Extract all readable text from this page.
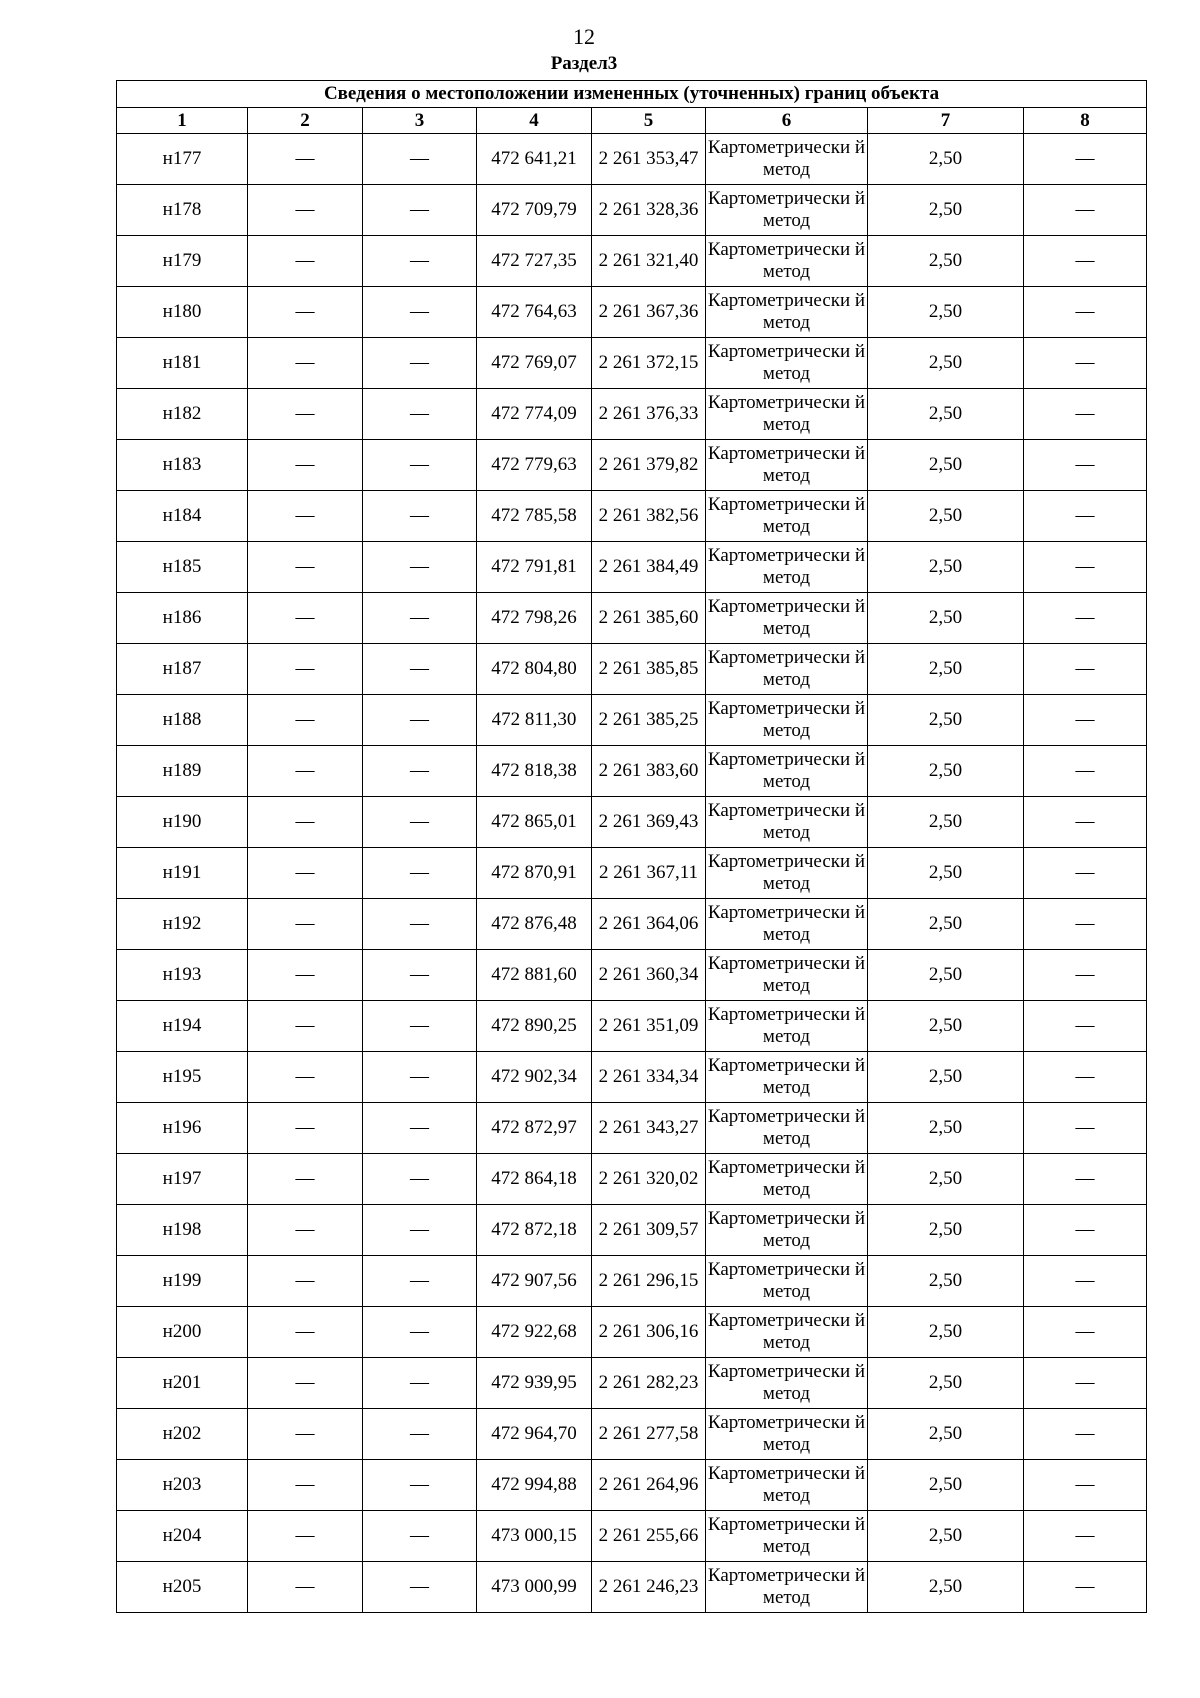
12
Раздел3
Сведения о местоположении измененных (уточненных) границ объекта							
1	2	3	4	5	6	7	8
н177	—	—	472 641,21	2 261 353,47	Картометрически й метод	2,50	—
н178	—	—	472 709,79	2 261 328,36	Картометрически й метод	2,50	—
н179	—	—	472 727,35	2 261 321,40	Картометрически й метод	2,50	—
н180	—	—	472 764,63	2 261 367,36	Картометрически й метод	2,50	—
н181	—	—	472 769,07	2 261 372,15	Картометрически й метод	2,50	—
н182	—	—	472 774,09	2 261 376,33	Картометрически й метод	2,50	—
н183	—	—	472 779,63	2 261 379,82	Картометрически й метод	2,50	—
н184	—	—	472 785,58	2 261 382,56	Картометрически й метод	2,50	—
н185	—	—	472 791,81	2 261 384,49	Картометрически й метод	2,50	—
н186	—	—	472 798,26	2 261 385,60	Картометрически й метод	2,50	—
н187	—	—	472 804,80	2 261 385,85	Картометрически й метод	2,50	—
н188	—	—	472 811,30	2 261 385,25	Картометрически й метод	2,50	—
н189	—	—	472 818,38	2 261 383,60	Картометрически й метод	2,50	—
н190	—	—	472 865,01	2 261 369,43	Картометрически й метод	2,50	—
н191	—	—	472 870,91	2 261 367,11	Картометрически й метод	2,50	—
н192	—	—	472 876,48	2 261 364,06	Картометрически й метод	2,50	—
н193	—	—	472 881,60	2 261 360,34	Картометрически й метод	2,50	—
н194	—	—	472 890,25	2 261 351,09	Картометрически й метод	2,50	—
н195	—	—	472 902,34	2 261 334,34	Картометрически й метод	2,50	—
н196	—	—	472 872,97	2 261 343,27	Картометрически й метод	2,50	—
н197	—	—	472 864,18	2 261 320,02	Картометрически й метод	2,50	—
н198	—	—	472 872,18	2 261 309,57	Картометрически й метод	2,50	—
н199	—	—	472 907,56	2 261 296,15	Картометрически й метод	2,50	—
н200	—	—	472 922,68	2 261 306,16	Картометрически й метод	2,50	—
н201	—	—	472 939,95	2 261 282,23	Картометрически й метод	2,50	—
н202	—	—	472 964,70	2 261 277,58	Картометрически й метод	2,50	—
н203	—	—	472 994,88	2 261 264,96	Картометрически й метод	2,50	—
н204	—	—	473 000,15	2 261 255,66	Картометрически й метод	2,50	—
н205	—	—	473 000,99	2 261 246,23	Картометрически й метод	2,50	—
